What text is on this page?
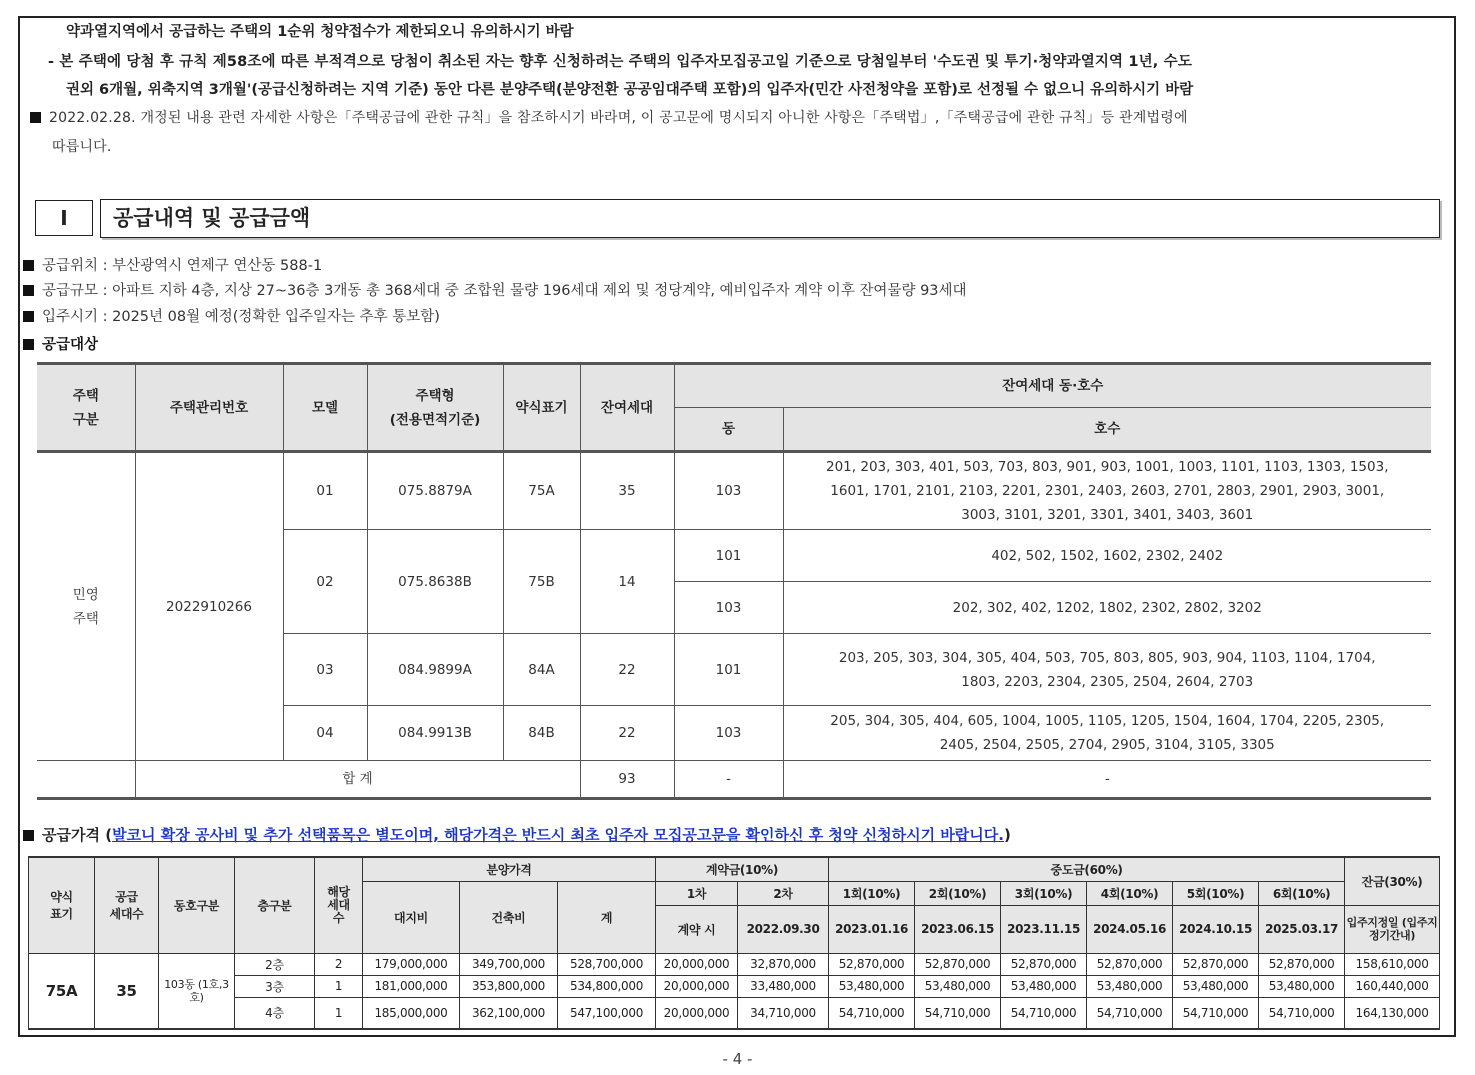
약과열지역에서 공급하는 주택의 1순위 청약접수가 제한되오니 유의하시기 바람
- 본 주택에 당첨 후 규칙 제58조에 따른 부적격으로 당첨이 취소된 자는 향후 신청하려는 주택의 입주자모집공고일 기준으로 당첨일부터 '수도권 및 투기·청약과열지역 1년, 수도
권외 6개월, 위축지역 3개월'(공급신청하려는 지역 기준) 동안 다른 분양주택(분양전환 공공임대주택 포함)의 입주자(민간 사전청약을 포함)로 선정될 수 없으니 유의하시기 바람
2022.02.28. 개정된 내용 관련 자세한 사항은「주택공급에 관한 규칙」을 참조하시기 바라며, 이 공고문에 명시되지 아니한 사항은「주택법」,「주택공급에 관한 규칙」등 관계법령에
따릅니다.
I	공급내역 및 공급금액
공급위치 : 부산광역시 연제구 연산동 588-1
공급규모 : 아파트 지하 4층, 지상 27~36층 3개동 총 368세대 중 조합원 물량 196세대 제외 및 정당계약, 예비입주자 계약 이후 잔여물량 93세대
입주시기 : 2025년 08월 예정(정확한 입주일자는 추후 통보함)
공급대상
주택
구분	주택관리번호	모델	주택형
(전용면적기준)	약식표기	잔여세대	잔여세대 동·호수	
						동	호수
민영
주택	2022910266	01	075.8879A	75A	35	103	201, 203, 303, 401, 503, 703, 803, 901, 903, 1001, 1003, 1101, 1103, 1303, 1503, 1601, 1701, 2101, 2103, 2201, 2301, 2403, 2603, 2701, 2803, 2901, 2903, 3001, 3003, 3101, 3201, 3301, 3401, 3403, 3601
		02	075.8638B	75B	14	101	402, 502, 1502, 1602, 2302, 2402
						103	202, 302, 402, 1202, 1802, 2302, 2802, 3202
		03	084.9899A	84A	22	101	203, 205, 303, 304, 305, 404, 503, 705, 803, 805, 903, 904, 1103, 1104, 1704, 1803, 2203, 2304, 2305, 2504, 2604, 2703
		04	084.9913B	84B	22	103	205, 304, 305, 404, 605, 1004, 1005, 1105, 1205, 1504, 1604, 1704, 2205, 2305, 2405, 2504, 2505, 2704, 2905, 3104, 3105, 3305
	합 계				93	-	-
공급가격 (발코니 확장 공사비 및 추가 선택품목은 별도이며, 해당가격은 반드시 최초 입주자 모집공고문을 확인하신 후 청약 신청하시기 바랍니다.)
약식
표기	공급
세대수	동호구분	층구분	해당
세대
수	분양가격			계약금(10%)		중도금(60%)						잔금(30%)
					대지비	건축비	계	1차	2차	1회(10%)	2회(10%)	3회(10%)	4회(10%)	5회(10%)	6회(10%)	
								계약 시	2022.09.30	2023.01.16	2023.06.15	2023.11.15	2024.05.16	2024.10.15	2025.03.17	입주지정일 (입주지정기간내)
75A	35	103동 (1호,3호)	2층	2	179,000,000	349,700,000	528,700,000	20,000,000	32,870,000	52,870,000	52,870,000	52,870,000	52,870,000	52,870,000	52,870,000	158,610,000
			3층	1	181,000,000	353,800,000	534,800,000	20,000,000	33,480,000	53,480,000	53,480,000	53,480,000	53,480,000	53,480,000	53,480,000	160,440,000
			4층	1	185,000,000	362,100,000	547,100,000	20,000,000	34,710,000	54,710,000	54,710,000	54,710,000	54,710,000	54,710,000	54,710,000	164,130,000
- 4 -
